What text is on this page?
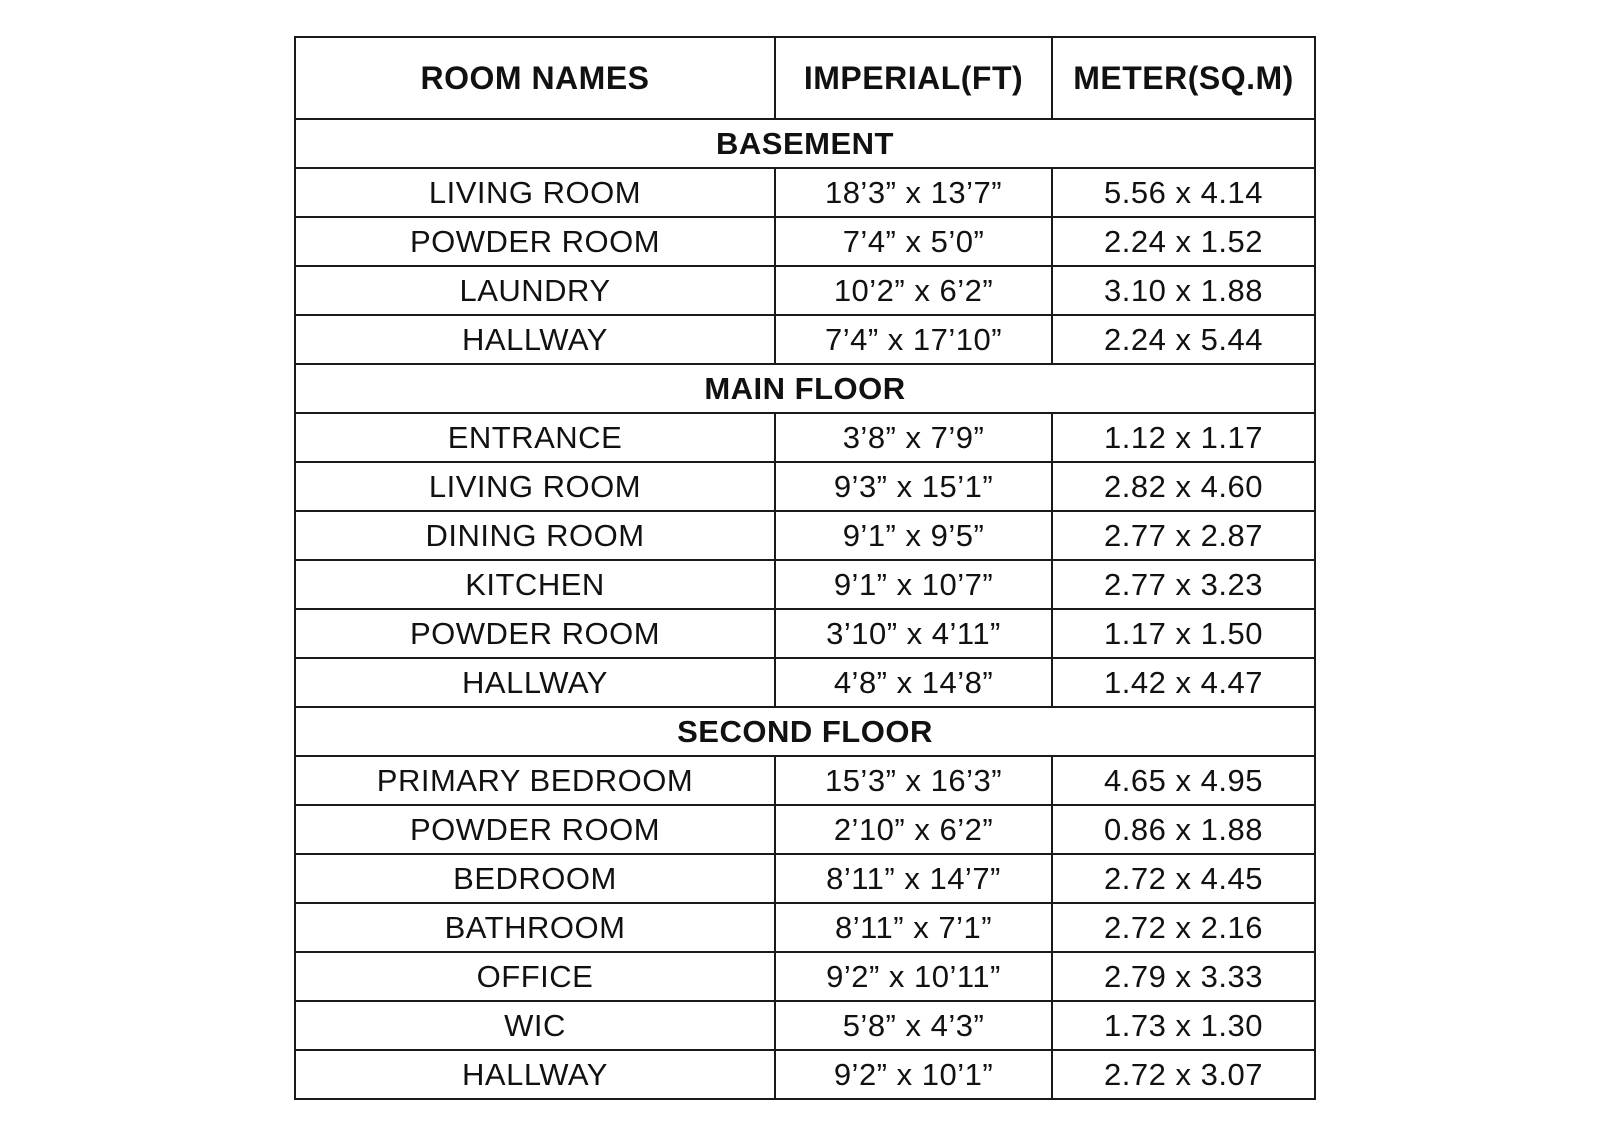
ROOM NAMES	IMPERIAL(FT)	METER(SQ.M)
BASEMENT		
LIVING ROOM	18’3” x 13’7”	5.56 x 4.14
POWDER ROOM	7’4” x 5’0”	2.24 x 1.52
LAUNDRY	10’2” x 6’2”	3.10 x 1.88
HALLWAY	7’4” x 17’10”	2.24 x 5.44
MAIN FLOOR		
ENTRANCE	3’8” x 7’9”	1.12 x 1.17
LIVING ROOM	9’3” x 15’1”	2.82 x 4.60
DINING ROOM	9’1” x 9’5”	2.77 x 2.87
KITCHEN	9’1” x 10’7”	2.77 x 3.23
POWDER ROOM	3’10” x 4’11”	1.17 x 1.50
HALLWAY	4’8” x 14’8”	1.42 x 4.47
SECOND FLOOR		
PRIMARY BEDROOM	15’3” x 16’3”	4.65 x 4.95
POWDER ROOM	2’10” x 6’2”	0.86 x 1.88
BEDROOM	8’11” x 14’7”	2.72 x 4.45
BATHROOM	8’11” x 7’1”	2.72 x 2.16
OFFICE	9’2” x 10’11”	2.79 x 3.33
WIC	5’8” x 4’3”	1.73 x 1.30
HALLWAY	9’2” x 10’1”	2.72 x 3.07
